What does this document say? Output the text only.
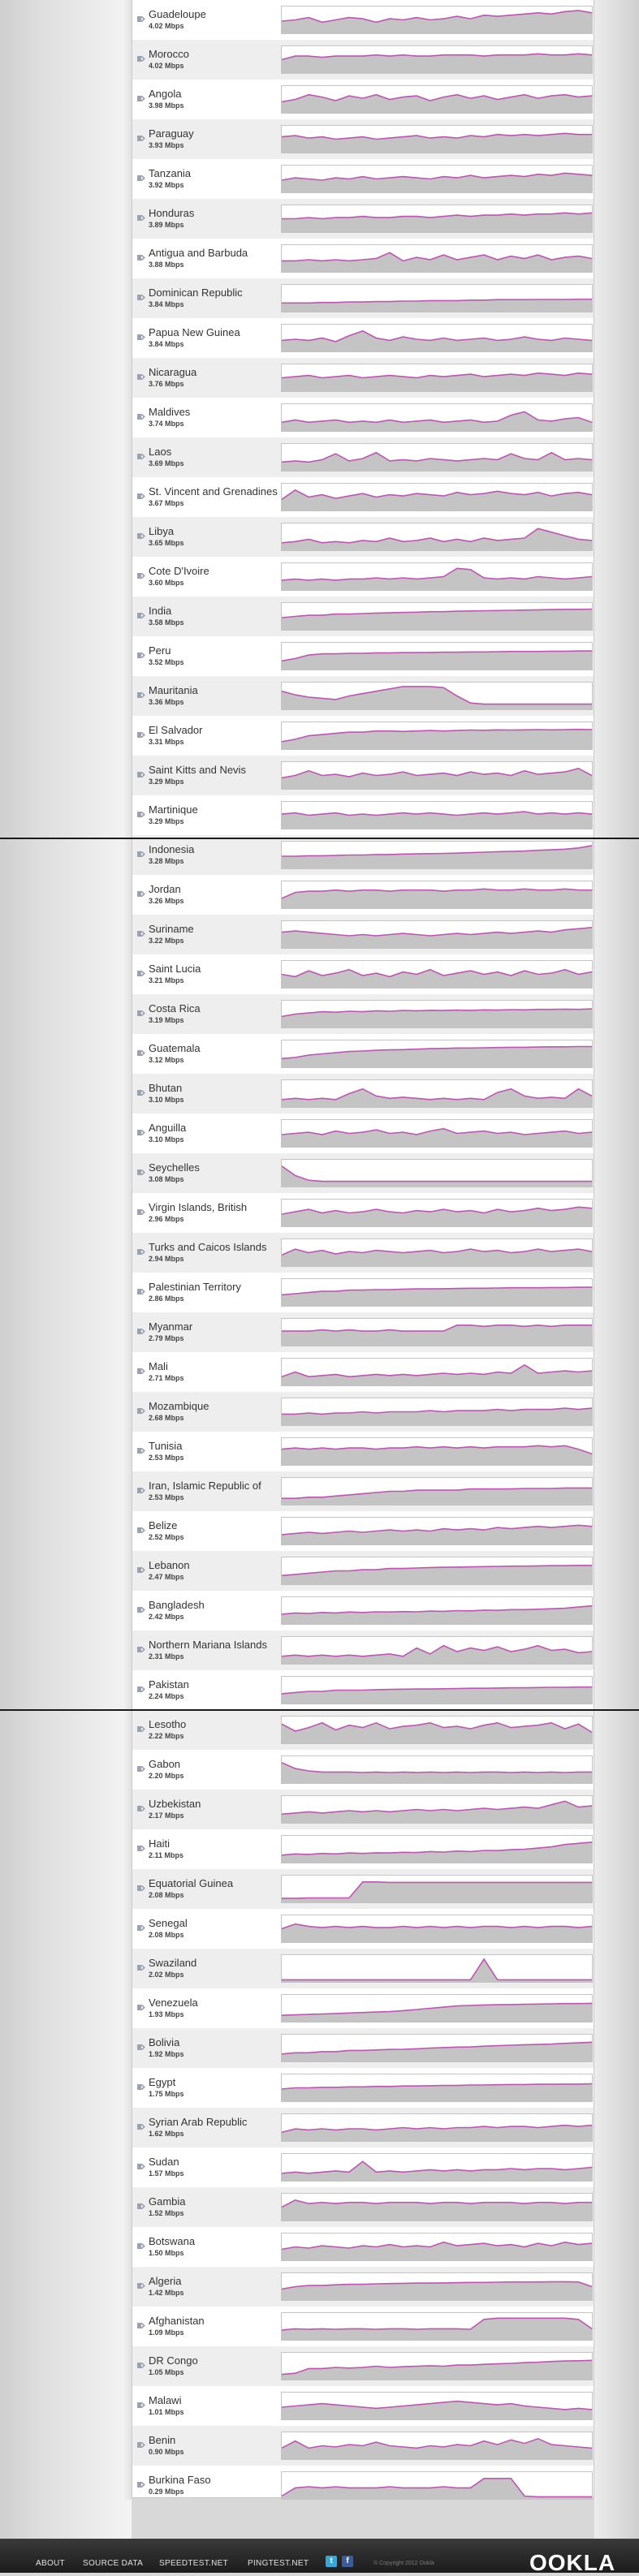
Guadeloupe
4.02 Mbps
Morocco
4.02 Mbps
Angola
3.98 Mbps
Paraguay
3.93 Mbps
Tanzania
3.92 Mbps
Honduras
3.89 Mbps
Antigua and Barbuda
3.88 Mbps
Dominican Republic
3.84 Mbps
Papua New Guinea
3.84 Mbps
Nicaragua
3.76 Mbps
Maldives
3.74 Mbps
Laos
3.69 Mbps
St. Vincent and Grenadines
3.67 Mbps
Libya
3.65 Mbps
Cote D'Ivoire
3.60 Mbps
India
3.58 Mbps
Peru
3.52 Mbps
Mauritania
3.36 Mbps
El Salvador
3.31 Mbps
Saint Kitts and Nevis
3.29 Mbps
Martinique
3.29 Mbps
Indonesia
3.28 Mbps
Jordan
3.26 Mbps
Suriname
3.22 Mbps
Saint Lucia
3.21 Mbps
Costa Rica
3.19 Mbps
Guatemala
3.12 Mbps
Bhutan
3.10 Mbps
Anguilla
3.10 Mbps
Seychelles
3.08 Mbps
Virgin Islands, British
2.96 Mbps
Turks and Caicos Islands
2.94 Mbps
Palestinian Territory
2.86 Mbps
Myanmar
2.79 Mbps
Mali
2.71 Mbps
Mozambique
2.68 Mbps
Tunisia
2.53 Mbps
Iran, Islamic Republic of
2.53 Mbps
Belize
2.52 Mbps
Lebanon
2.47 Mbps
Bangladesh
2.42 Mbps
Northern Mariana Islands
2.31 Mbps
Pakistan
2.24 Mbps
Lesotho
2.22 Mbps
Gabon
2.20 Mbps
Uzbekistan
2.17 Mbps
Haiti
2.11 Mbps
Equatorial Guinea
2.08 Mbps
Senegal
2.08 Mbps
Swaziland
2.02 Mbps
Venezuela
1.93 Mbps
Bolivia
1.92 Mbps
Egypt
1.75 Mbps
Syrian Arab Republic
1.62 Mbps
Sudan
1.57 Mbps
Gambia
1.52 Mbps
Botswana
1.50 Mbps
Algeria
1.42 Mbps
Afghanistan
1.09 Mbps
DR Congo
1.05 Mbps
Malawi
1.01 Mbps
Benin
0.90 Mbps
Burkina Faso
0.29 Mbps
ABOUT SOURCE DATA SPEEDTEST.NET PINGTEST.NET	t	f	© Copyright 2012 Ookla	OOKLA
